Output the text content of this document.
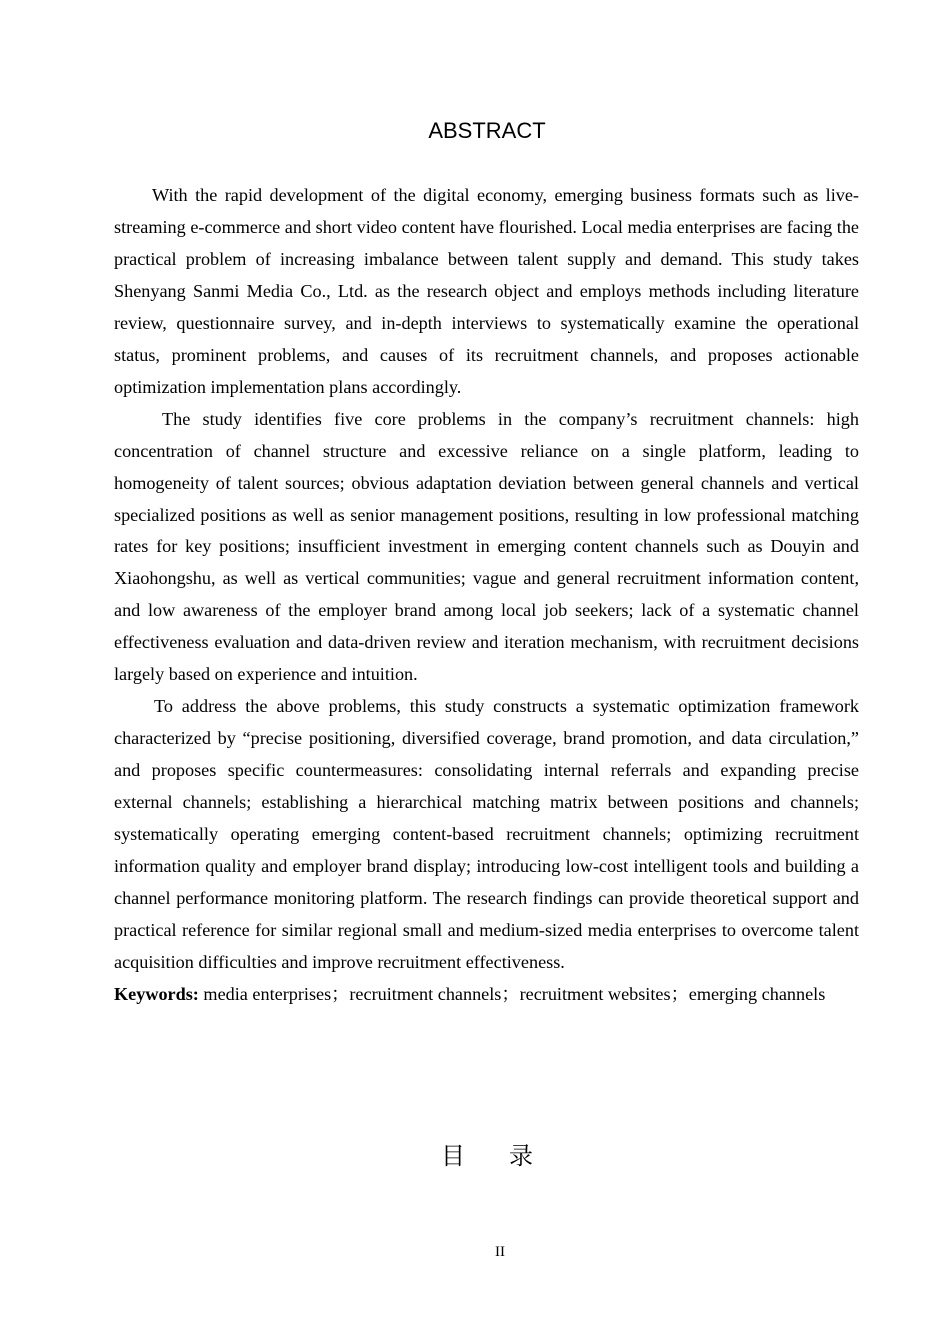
ABSTRACT

With the rapid development of the digital economy, emerging business formats such as live-streaming e-commerce and short video content have flourished. Local media enterprises are facing the practical problem of increasing imbalance between talent supply and demand. This study takes Shenyang Sanmi Media Co., Ltd. as the research object and employs methods including literature review, questionnaire survey, and in-depth interviews to systematically examine the operational status, prominent problems, and causes of its recruitment channels, and proposes actionable optimization implementation plans accordingly.

The study identifies five core problems in the company’s recruitment channels: high concentration of channel structure and excessive reliance on a single platform, leading to homogeneity of talent sources; obvious adaptation deviation between general channels and vertical specialized positions as well as senior management positions, resulting in low professional matching rates for key positions; insufficient investment in emerging content channels such as Douyin and Xiaohongshu, as well as vertical communities; vague and general recruitment information content, and low awareness of the employer brand among local job seekers; lack of a systematic channel effectiveness evaluation and data-driven review and iteration mechanism, with recruitment decisions largely based on experience and intuition.

To address the above problems, this study constructs a systematic optimization framework characterized by “precise positioning, diversified coverage, brand promotion, and data circulation,” and proposes specific countermeasures: consolidating internal referrals and expanding precise external channels; establishing a hierarchical matching matrix between positions and channels; systematically operating emerging content-based recruitment channels; optimizing recruitment information quality and employer brand display; introducing low-cost intelligent tools and building a channel performance monitoring platform. The research findings can provide theoretical support and practical reference for similar regional small and medium-sized media enterprises to overcome talent acquisition difficulties and improve recruitment effectiveness.

Keywords: media enterprises；recruitment channels；recruitment websites；emerging channels

目 录
II
